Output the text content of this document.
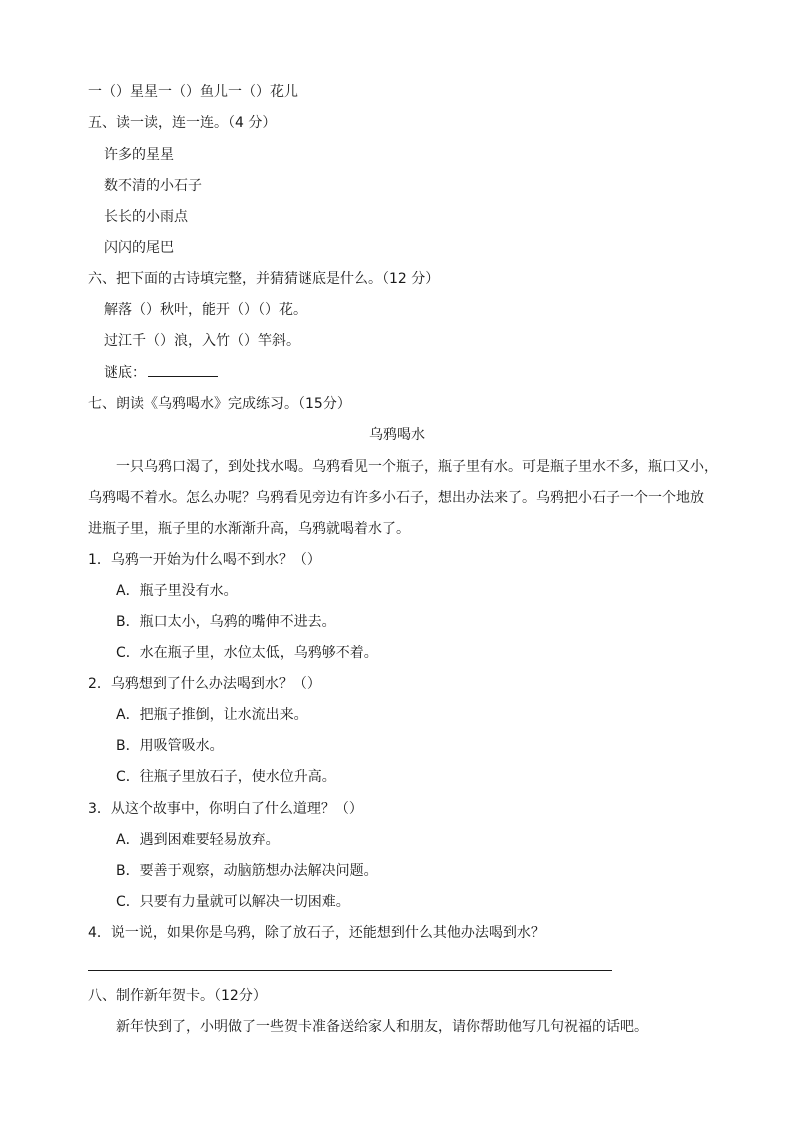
一（）星星一（）鱼儿一（）花儿
五、读一读，连一连。（4 分）
许多的星星
数不清的小石子
长长的小雨点
闪闪的尾巴
六、把下面的古诗填完整，并猜猜谜底是什么。（12 分）
解落（）秋叶，能开（）（）花。
过江千（）浪，入竹（）竿斜。
谜底：
七、朗读《乌鸦喝水》完成练习。（15分）
乌鸦喝水
一只乌鸦口渴了，到处找水喝。乌鸦看见一个瓶子，瓶子里有水。可是瓶子里水不多，瓶口又小，
乌鸦喝不着水。怎么办呢？乌鸦看见旁边有许多小石子，想出办法来了。乌鸦把小石子一个一个地放
进瓶子里，瓶子里的水渐渐升高，乌鸦就喝着水了。
1．乌鸦一开始为什么喝不到水？（）
A．瓶子里没有水。
B．瓶口太小，乌鸦的嘴伸不进去。
C．水在瓶子里，水位太低，乌鸦够不着。
2．乌鸦想到了什么办法喝到水？（）
A．把瓶子推倒，让水流出来。
B．用吸管吸水。
C．往瓶子里放石子，使水位升高。
3．从这个故事中，你明白了什么道理？（）
A．遇到困难要轻易放弃。
B．要善于观察，动脑筋想办法解决问题。
C．只要有力量就可以解决一切困难。
4．说一说，如果你是乌鸦，除了放石子，还能想到什么其他办法喝到水？
八、制作新年贺卡。（12分）
新年快到了，小明做了一些贺卡准备送给家人和朋友，请你帮助他写几句祝福的话吧。
